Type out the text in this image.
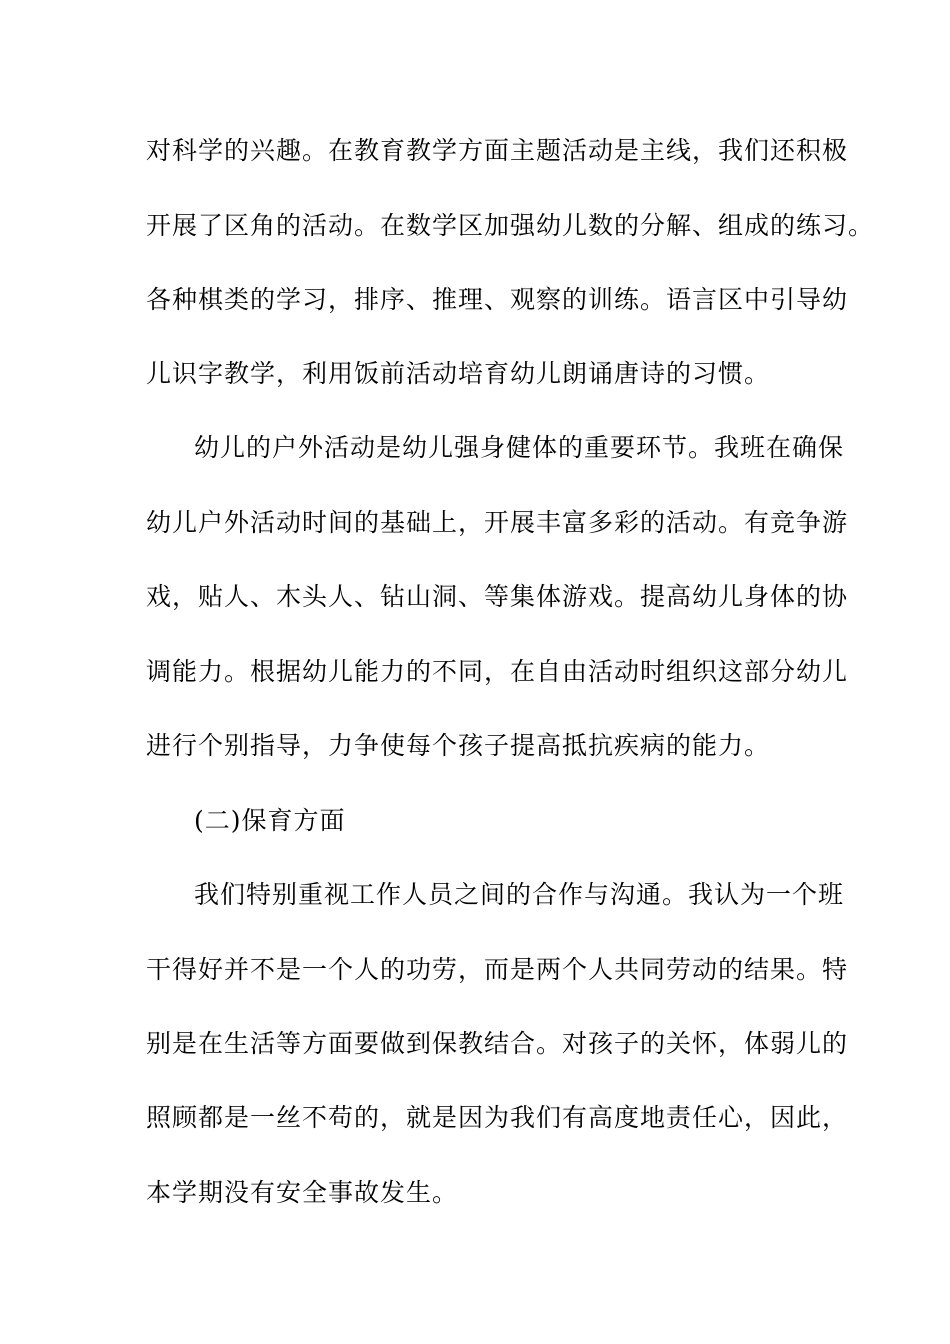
对科学的兴趣。在教育教学方面主题活动是主线，我们还积极
开展了区角的活动。在数学区加强幼儿数的分解、组成的练习。
各种棋类的学习，排序、推理、观察的训练。语言区中引导幼
儿识字教学，利用饭前活动培育幼儿朗诵唐诗的习惯。
幼儿的户外活动是幼儿强身健体的重要环节。我班在确保
幼儿户外活动时间的基础上，开展丰富多彩的活动。有竞争游
戏，贴人、木头人、钻山洞、等集体游戏。提高幼儿身体的协
调能力。根据幼儿能力的不同，在自由活动时组织这部分幼儿
进行个别指导，力争使每个孩子提高抵抗疾病的能力。
(二)保育方面
我们特别重视工作人员之间的合作与沟通。我认为一个班
干得好并不是一个人的功劳，而是两个人共同劳动的结果。特
别是在生活等方面要做到保教结合。对孩子的关怀，体弱儿的
照顾都是一丝不苟的，就是因为我们有高度地责任心，因此，
本学期没有安全事故发生。
